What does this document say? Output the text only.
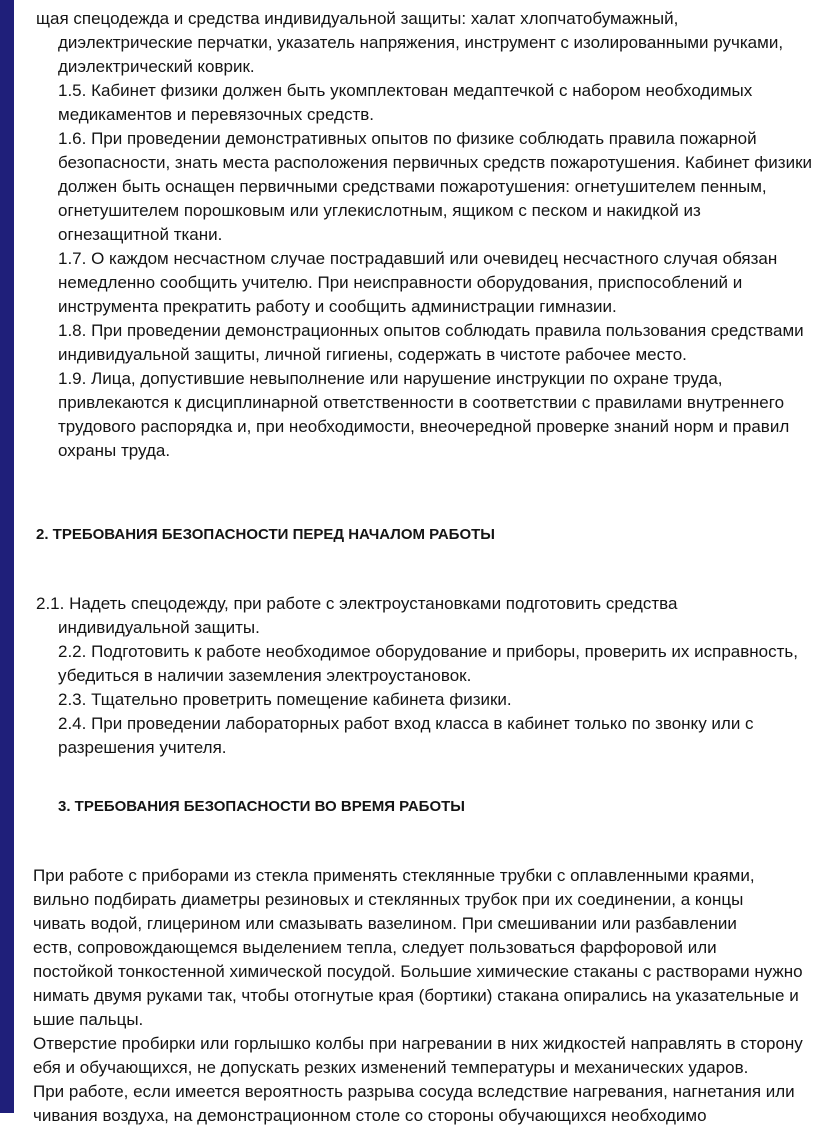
щая спецодежда и средства индивидуальной защиты: халат хлопчатобумажный,
диэлектрические перчатки, указатель напряжения, инструмент с изолированными ручками,
диэлектрический коврик.
1.5. Кабинет физики должен быть укомплектован медаптечкой с набором необходимых
медикаментов и перевязочных средств.
1.6. При проведении демонстративных опытов по физике соблюдать правила пожарной
безопасности, знать места расположения первичных средств пожаротушения. Кабинет физики
должен быть оснащен первичными средствами пожаротушения: огнетушителем пенным,
огнетушителем порошковым или углекислотным, ящиком с песком и накидкой из
огнезащитной ткани.
1.7. О каждом несчастном случае пострадавший или очевидец несчастного случая обязан
немедленно сообщить учителю. При неисправности оборудования, приспособлений и
инструмента прекратить работу и сообщить администрации гимназии.
1.8. При проведении демонстрационных опытов соблюдать правила пользования средствами
индивидуальной защиты, личной гигиены, содержать в чистоте рабочее место.
1.9. Лица, допустившие невыполнение или нарушение инструкции по охране труда,
привлекаются к дисциплинарной ответственности в соответствии с правилами внутреннего
трудового распорядка и, при необходимости, внеочередной проверке знаний норм и правил
охраны труда.
2. ТРЕБОВАНИЯ БЕЗОПАСНОСТИ ПЕРЕД НАЧАЛОМ РАБОТЫ
2.1. Надеть спецодежду, при работе с электроустановками подготовить средства
индивидуальной защиты.
2.2. Подготовить к работе необходимое оборудование и приборы, проверить их исправность,
убедиться в наличии заземления электроустановок.
2.3. Тщательно проветрить помещение кабинета физики.
2.4. При проведении лабораторных работ вход класса в кабинет только по звонку или с
разрешения учителя.
3. ТРЕБОВАНИЯ БЕЗОПАСНОСТИ ВО ВРЕМЯ РАБОТЫ
При работе с приборами из стекла применять стеклянные трубки с оплавленными краями,
вильно подбирать диаметры резиновых и стеклянных трубок при их соединении, а концы
чивать водой, глицерином или смазывать вазелином. При смешивании или разбавлении
еств, сопровождающемся выделением тепла, следует пользоваться фарфоровой или
постойкой тонкостенной химической посудой. Большие химические стаканы с растворами нужно
нимать двумя руками так, чтобы отогнутые края (бортики) стакана опирались на указательные и
ьшие пальцы.
Отверстие пробирки или горлышко колбы при нагревании в них жидкостей направлять в сторону
ебя и обучающихся, не допускать резких изменений температуры и механических ударов.
При работе, если имеется вероятность разрыва сосуда вследствие нагревания, нагнетания или
чивания воздуха, на демонстрационном столе со стороны обучающихся необходимо
